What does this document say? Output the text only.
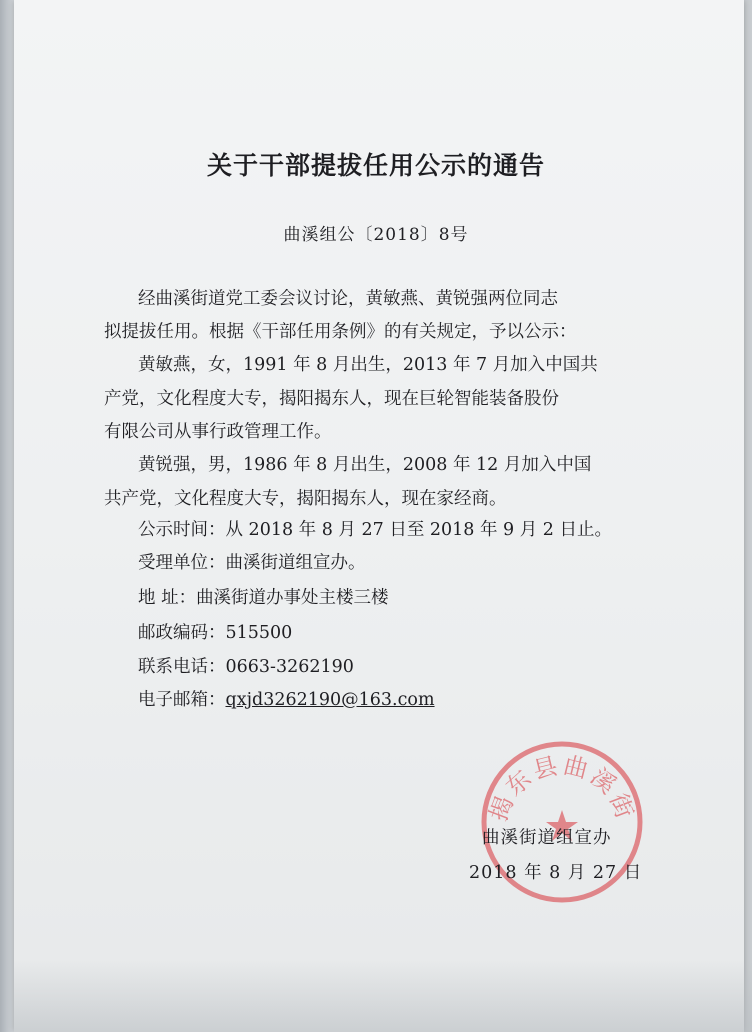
关于干部提拔任用公示的通告
曲溪组公〔2018〕8号
经曲溪街道党工委会议讨论，黄敏燕、黄锐强两位同志
拟提拔任用。根据《干部任用条例》的有关规定，予以公示：
黄敏燕，女，1991 年 8 月出生，2013 年 7 月加入中国共
产党，文化程度大专，揭阳揭东人，现在巨轮智能装备股份
有限公司从事行政管理工作。
黄锐强，男，1986 年 8 月出生，2008 年 12 月加入中国
共产党，文化程度大专，揭阳揭东人，现在家经商。
公示时间：从 2018 年 8 月 27 日至 2018 年 9 月 2 日止。
受理单位：曲溪街道组宣办。
地 址：曲溪街道办事处主楼三楼
邮政编码：515500
联系电话：0663-3262190
电子邮箱：qxjd3262190@163.com
揭东县曲溪街
曲溪街道组宣办
2018 年 8 月 27 日
